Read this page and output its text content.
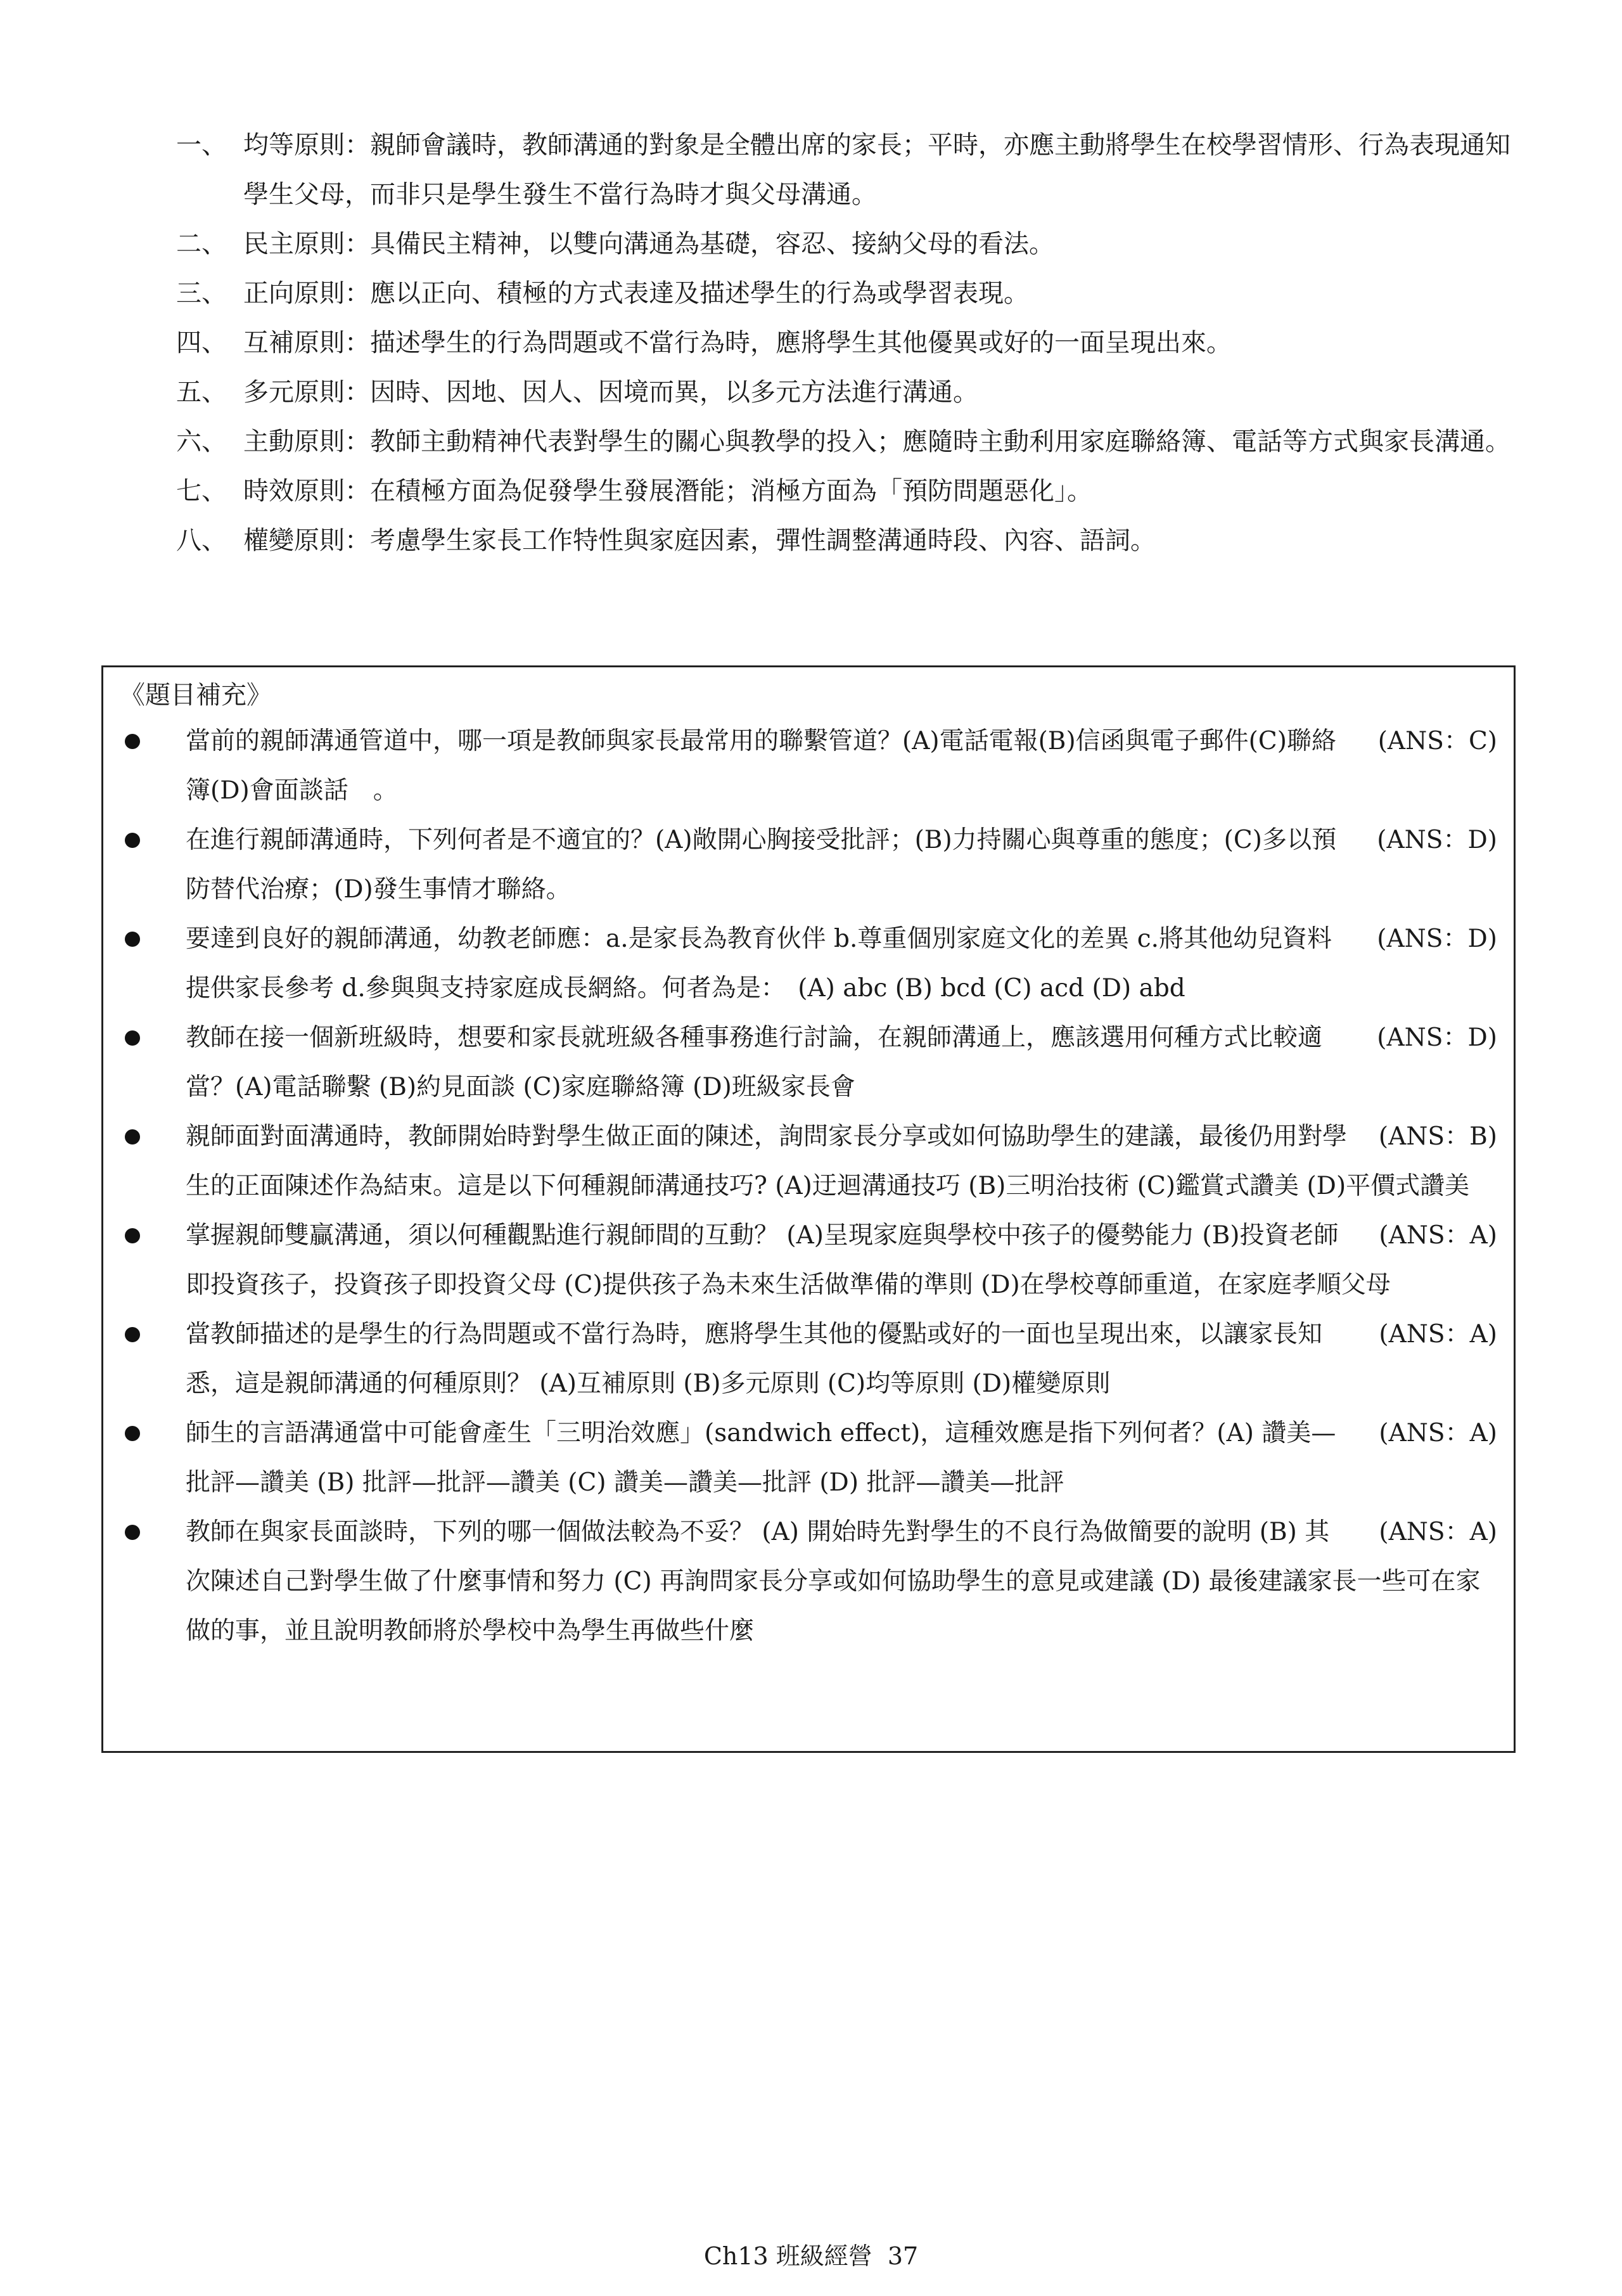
一、 均等原則：親師會議時，教師溝通的對象是全體出席的家長；平時，亦應主動將學生在校學習情形、行為表現通知學生父母，而非只是學生發生不當行為時才與父母溝通。
二、 民主原則：具備民主精神，以雙向溝通為基礎，容忍、接納父母的看法。
三、 正向原則：應以正向、積極的方式表達及描述學生的行為或學習表現。
四、 互補原則：描述學生的行為問題或不當行為時，應將學生其他優異或好的一面呈現出來。
五、 多元原則：因時、因地、因人、因境而異，以多元方法進行溝通。
六、 主動原則：教師主動精神代表對學生的關心與教學的投入；應隨時主動利用家庭聯絡簿、電話等方式與家長溝通。
七、 時效原則：在積極方面為促發學生發展潛能；消極方面為「預防問題惡化」。
八、 權變原則：考慮學生家長工作特性與家庭因素，彈性調整溝通時段、內容、語詞。
《題目補充》
(ANS：C)
當前的親師溝通管道中，哪一項是教師與家長最常用的聯繫管道？(A)電話電報(B)信函與電子郵件(C)聯絡簿(D)會面談話　。
(ANS：D)
在進行親師溝通時，下列何者是不適宜的？(A)敞開心胸接受批評；(B)力持關心與尊重的態度；(C)多以預防替代治療；(D)發生事情才聯絡。
(ANS：D)
要達到良好的親師溝通，幼教老師應：a.是家長為教育伙伴 b.尊重個別家庭文化的差異 c.將其他幼兒資料提供家長參考 d.參與與支持家庭成長網絡。何者為是：　(A) abc (B) bcd (C) acd (D) abd
(ANS：D)
教師在接一個新班級時，想要和家長就班級各種事務進行討論，在親師溝通上，應該選用何種方式比較適當？(A)電話聯繫 (B)約見面談 (C)家庭聯絡簿 (D)班級家長會
(ANS：B)
親師面對面溝通時，教師開始時對學生做正面的陳述，詢問家長分享或如何協助學生的建議，最後仍用對學生的正面陳述作為結束。這是以下何種親師溝通技巧? (A)迂迴溝通技巧 (B)三明治技術 (C)鑑賞式讚美 (D)平價式讚美
(ANS：A)
掌握親師雙贏溝通，須以何種觀點進行親師間的互動？ (A)呈現家庭與學校中孩子的優勢能力 (B)投資老師即投資孩子，投資孩子即投資父母 (C)提供孩子為未來生活做準備的準則 (D)在學校尊師重道，在家庭孝順父母
(ANS：A)
當教師描述的是學生的行為問題或不當行為時，應將學生其他的優點或好的一面也呈現出來，以讓家長知悉，這是親師溝通的何種原則？ (A)互補原則 (B)多元原則 (C)均等原則 (D)權變原則
(ANS：A)
師生的言語溝通當中可能會產生「三明治效應」(sandwich effect)，這種效應是指下列何者？(A) 讚美—批評—讚美 (B) 批評—批評—讚美 (C) 讚美—讚美—批評 (D) 批評—讚美—批評
(ANS：A)
教師在與家長面談時，下列的哪一個做法較為不妥？ (A) 開始時先對學生的不良行為做簡要的說明 (B) 其次陳述自己對學生做了什麼事情和努力 (C) 再詢問家長分享或如何協助學生的意見或建議 (D) 最後建議家長一些可在家做的事，並且說明教師將於學校中為學生再做些什麼
Ch13 班級經營 37
